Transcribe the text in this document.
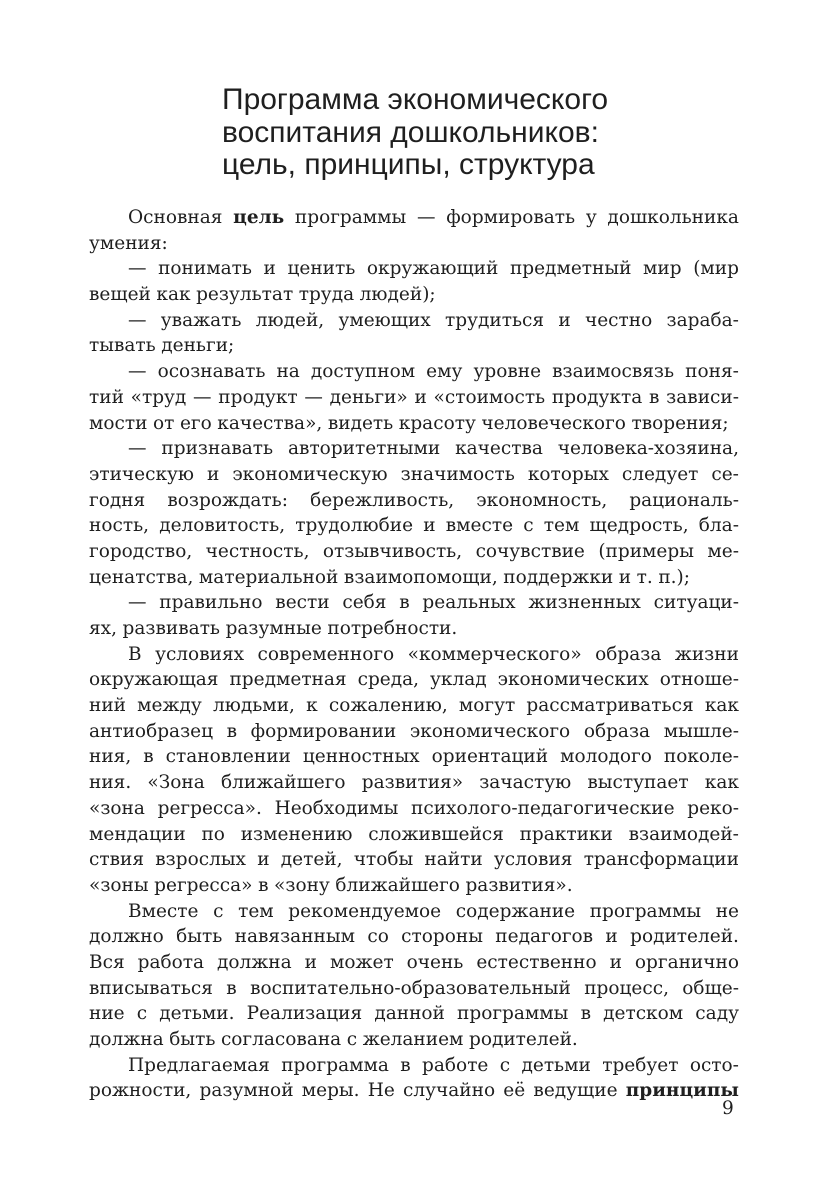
Программа экономического
воспитания дошкольников:
цель, принципы, структура
Основная цель программы — формировать у дошкольника
умения:
— понимать и ценить окружающий предметный мир (мир
вещей как результат труда людей);
— уважать людей, умеющих трудиться и честно зараба-
тывать деньги;
— осознавать на доступном ему уровне взаимосвязь поня-
тий «труд — продукт — деньги» и «стоимость продукта в зависи-
мости от его качества», видеть красоту человеческого творения;
— признавать авторитетными качества человека-хозяина,
этическую и экономическую значимость которых следует се-
годня возрождать: бережливость, экономность, рациональ-
ность, деловитость, трудолюбие и вместе с тем щедрость, бла-
городство, честность, отзывчивость, сочувствие (примеры ме-
ценатства, материальной взаимопомощи, поддержки и т. п.);
— правильно вести себя в реальных жизненных ситуаци-
ях, развивать разумные потребности.
В условиях современного «коммерческого» образа жизни
окружающая предметная среда, уклад экономических отноше-
ний между людьми, к сожалению, могут рассматриваться как
антиобразец в формировании экономического образа мышле-
ния, в становлении ценностных ориентаций молодого поколе-
ния. «Зона ближайшего развития» зачастую выступает как
«зона регресса». Необходимы психолого-педагогические реко-
мендации по изменению сложившейся практики взаимодей-
ствия взрослых и детей, чтобы найти условия трансформации
«зоны регресса» в «зону ближайшего развития».
Вместе с тем рекомендуемое содержание программы не
должно быть навязанным со стороны педагогов и родителей.
Вся работа должна и может очень естественно и органично
вписываться в воспитательно-образовательный процесс, обще-
ние с детьми. Реализация данной программы в детском саду
должна быть согласована с желанием родителей.
Предлагаемая программа в работе с детьми требует осто-
рожности, разумной меры. Не случайно её ведущие принципы
9
